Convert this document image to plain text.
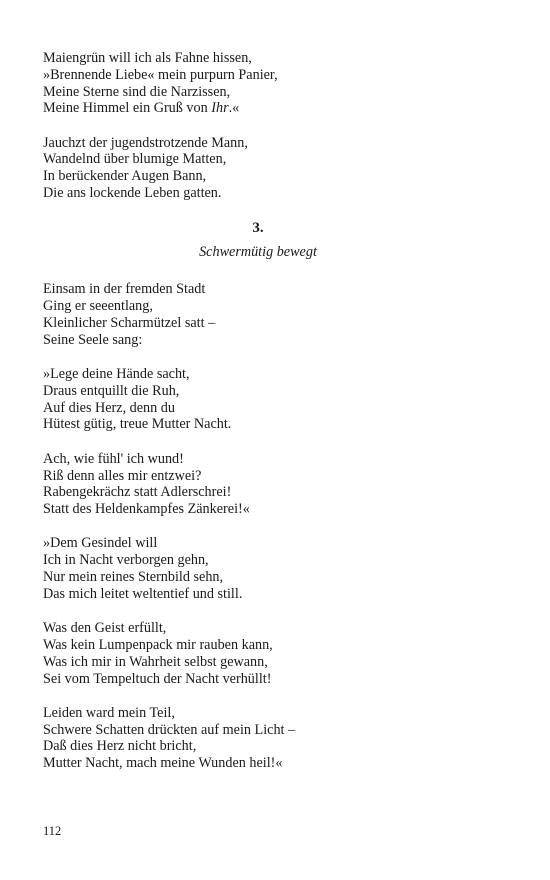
Maiengrün will ich als Fahne hissen,
»Brennende Liebe« mein purpurn Panier,
Meine Sterne sind die Narzissen,
Meine Himmel ein Gruß von Ihr.«
Jauchzt der jugendstrotzende Mann,
Wandelnd über blumige Matten,
In berückender Augen Bann,
Die ans lockende Leben gatten.
3.
Schwermütig bewegt
Einsam in der fremden Stadt
Ging er seeentlang,
Kleinlicher Scharmützel satt –
Seine Seele sang:
»Lege deine Hände sacht,
Draus entquillt die Ruh,
Auf dies Herz, denn du
Hütest gütig, treue Mutter Nacht.
Ach, wie fühl' ich wund!
Riß denn alles mir entzwei?
Rabengekrächz statt Adlerschrei!
Statt des Heldenkampfes Zänkerei!«
»Dem Gesindel will
Ich in Nacht verborgen gehn,
Nur mein reines Sternbild sehn,
Das mich leitet weltentief und still.
Was den Geist erfüllt,
Was kein Lumpenpack mir rauben kann,
Was ich mir in Wahrheit selbst gewann,
Sei vom Tempeltuch der Nacht verhüllt!
Leiden ward mein Teil,
Schwere Schatten drückten auf mein Licht –
Daß dies Herz nicht bricht,
Mutter Nacht, mach meine Wunden heil!«
112
